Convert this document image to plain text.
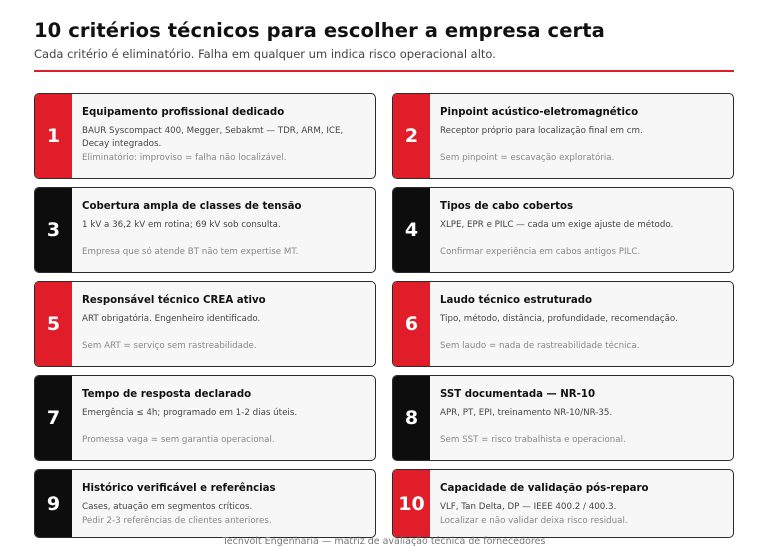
10 critérios técnicos para escolher a empresa certa
Cada critério é eliminatório. Falha em qualquer um indica risco operacional alto.
1
Equipamento profissional dedicado
BAUR Syscompact 400, Megger, Sebakmt — TDR, ARM, ICE, Decay integrados.
Eliminatório: improviso = falha não localizável.
2
Pinpoint acústico-eletromagnético
Receptor próprio para localização final em cm.
Sem pinpoint = escavação exploratória.
3
Cobertura ampla de classes de tensão
1 kV a 36,2 kV em rotina; 69 kV sob consulta.
Empresa que só atende BT não tem expertise MT.
4
Tipos de cabo cobertos
XLPE, EPR e PILC — cada um exige ajuste de método.
Confirmar experiência em cabos antigos PILC.
5
Responsável técnico CREA ativo
ART obrigatória. Engenheiro identificado.
Sem ART = serviço sem rastreabilidade.
6
Laudo técnico estruturado
Tipo, método, distância, profundidade, recomendação.
Sem laudo = nada de rastreabilidade técnica.
7
Tempo de resposta declarado
Emergência ≤ 4h; programado em 1-2 dias úteis.
Promessa vaga = sem garantia operacional.
8
SST documentada — NR-10
APR, PT, EPI, treinamento NR-10/NR-35.
Sem SST = risco trabalhista e operacional.
9
Histórico verificável e referências
Cases, atuação em segmentos críticos.
Pedir 2-3 referências de clientes anteriores.
10
Capacidade de validação pós-reparo
VLF, Tan Delta, DP — IEEE 400.2 / 400.3.
Localizar e não validar deixa risco residual.
Tecnvolt Engenharia — matriz de avaliação técnica de fornecedores
